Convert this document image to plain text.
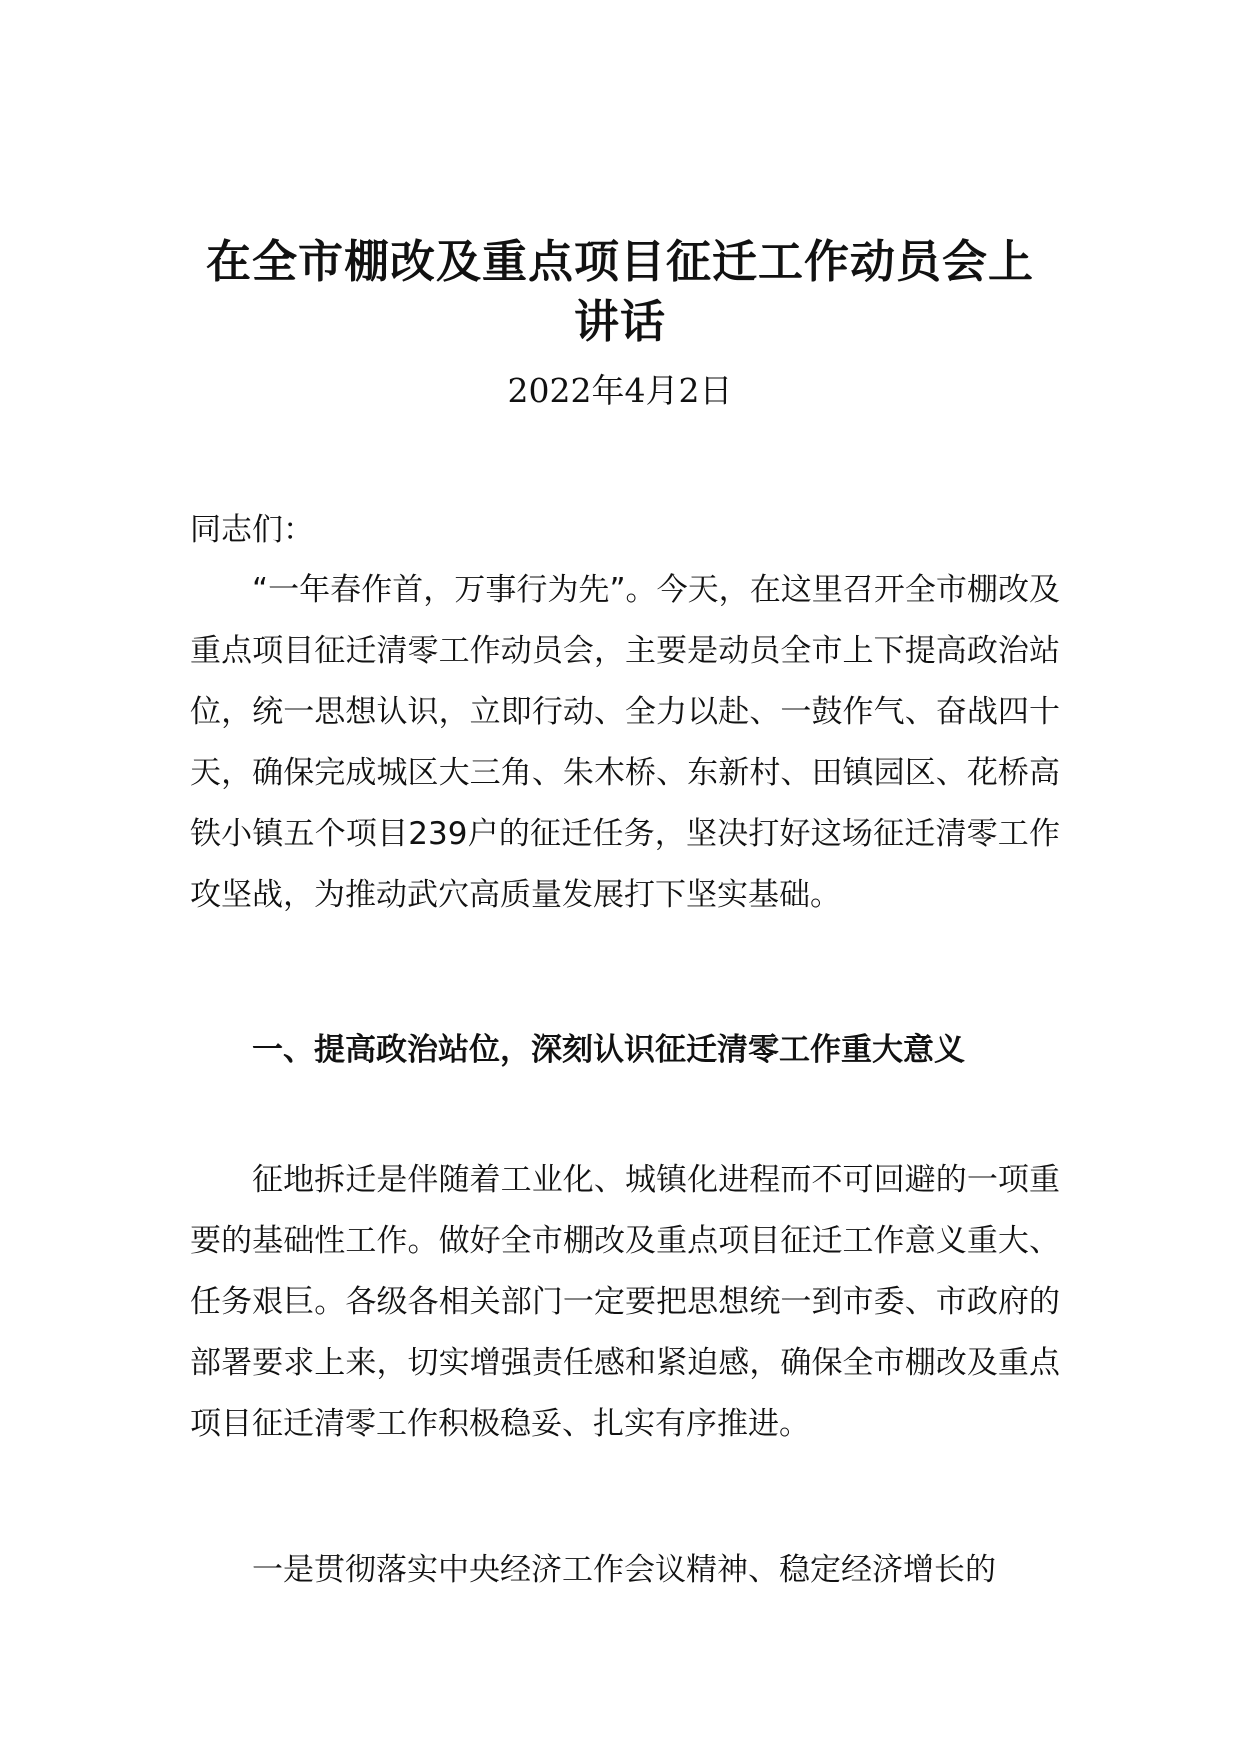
在全市棚改及重点项目征迁工作动员会上讲话
2022年4月2日

同志们：

“一年春作首，万事行为先”。今天，在这里召开全市棚改及重点项目征迁清零工作动员会，主要是动员全市上下提高政治站位，统一思想认识，立即行动、全力以赴、一鼓作气、奋战四十天，确保完成城区大三角、朱木桥、东新村、田镇园区、花桥高铁小镇五个项目239户的征迁任务，坚决打好这场征迁清零工作攻坚战，为推动武穴高质量发展打下坚实基础。

一、提高政治站位，深刻认识征迁清零工作重大意义

征地拆迁是伴随着工业化、城镇化进程而不可回避的一项重要的基础性工作。做好全市棚改及重点项目征迁工作意义重大、任务艰巨。各级各相关部门一定要把思想统一到市委、市政府的部署要求上来，切实增强责任感和紧迫感，确保全市棚改及重点项目征迁清零工作积极稳妥、扎实有序推进。

一是贯彻落实中央经济工作会议精神、稳定经济增长的
